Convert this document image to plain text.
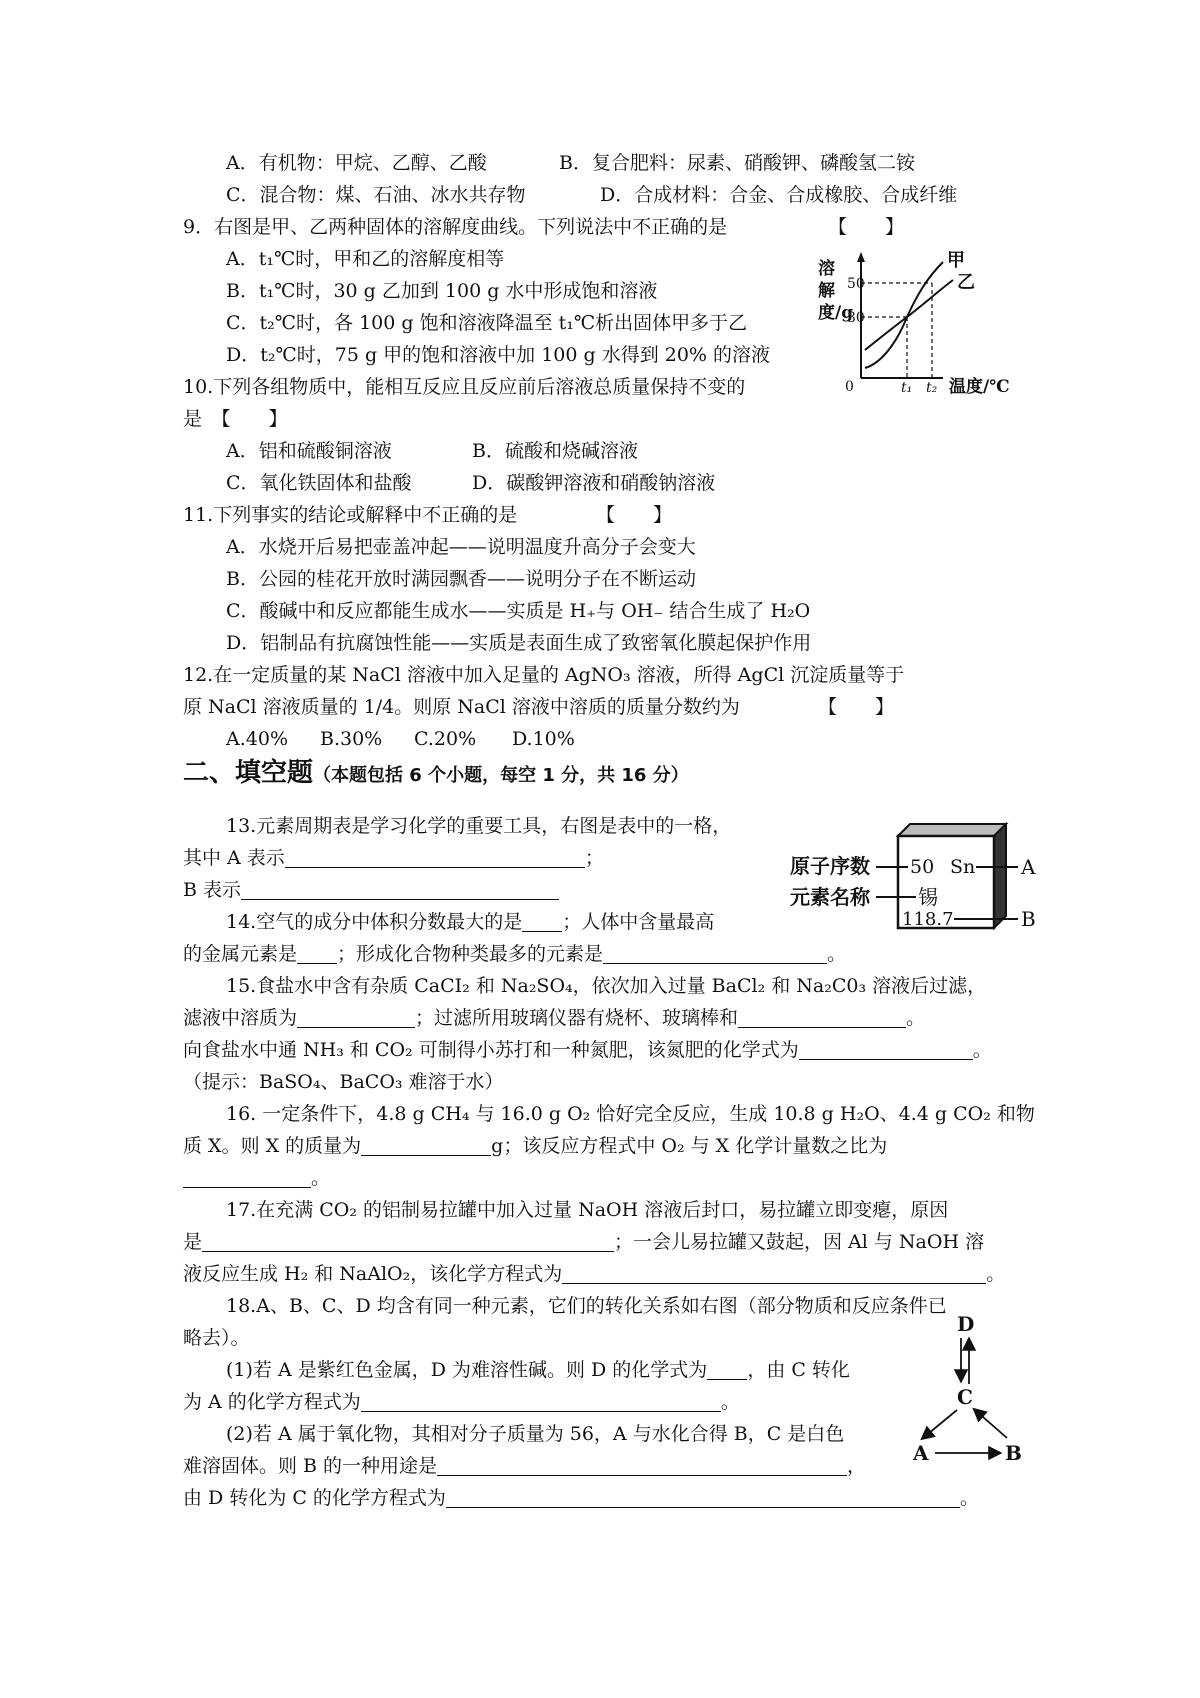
A．有机物：甲烷、乙醇、乙酸	B．复合肥料：尿素、硝酸钾、磷酸氢二铵
C．混合物：煤、石油、冰水共存物	D．合成材料：合金、合成橡胶、合成纤维
9．右图是甲、乙两种固体的溶解度曲线。下列说法中不正确的是	【　　】
A．t₁℃时，甲和乙的溶解度相等
B．t₁℃时，30 g 乙加到 100 g 水中形成饱和溶液
C．t₂℃时，各 100 g 饱和溶液降温至 t₁℃析出固体甲多于乙
D．t₂℃时，75 g 甲的饱和溶液中加 100 g 水得到 20% 的溶液
50
30
0	t₁ t₂ 温度/℃
甲
乙
溶解度/g
10.下列各组物质中，能相互反应且反应前后溶液总质量保持不变的
是　 【　　】
A．铝和硫酸铜溶液	B．硫酸和烧碱溶液
C．氧化铁固体和盐酸	D．碳酸钾溶液和硝酸钠溶液
11.下列事实的结论或解释中不正确的是	【　　】
A．水烧开后易把壶盖冲起——说明温度升高分子会变大
B．公园的桂花开放时满园飘香——说明分子在不断运动
C．酸碱中和反应都能生成水——实质是 H₊与 OH₋ 结合生成了 H₂O
D．铝制品有抗腐蚀性能——实质是表面生成了致密氧化膜起保护作用
12.在一定质量的某 NaCl 溶液中加入足量的 AgNO₃ 溶液，所得 AgCl 沉淀质量等于
原 NaCl 溶液质量的 1/4。则原 NaCl 溶液中溶质的质量分数约为	【　　】
A.40% B.30% C.20% D.10%
二、填空题（本题包括 6 个小题，每空 1 分，共 16 分）
13.元素周期表是学习化学的重要工具，右图是表中的一格，
其中 A 表示	；
B 表示
原子序数 50 Sn A
元素名称 锡
118.7	B
14.空气的成分中体积分数最大的是 ；人体中含量最高
的金属元素是 ；形成化合物种类最多的元素是	。
15.食盐水中含有杂质 CaCI₂ 和 Na₂SO₄，依次加入过量 BaCl₂ 和 Na₂C0₃ 溶液后过滤，
滤液中溶质为	；过滤所用玻璃仪器有烧杯、玻璃棒和	。
向食盐水中通 NH₃ 和 CO₂ 可制得小苏打和一种氮肥，该氮肥的化学式为	。
（提示：BaSO₄、BaCO₃ 难溶于水）
16. 一定条件下，4.8 g CH₄ 与 16.0 g O₂ 恰好完全反应，生成 10.8 g H₂O、4.4 g CO₂ 和物
质 X。则 X 的质量为	g；该反应方程式中 O₂ 与 X 化学计量数之比为
。
17.在充满 CO₂ 的铝制易拉罐中加入过量 NaOH 溶液后封口，易拉罐立即变瘪，原因
是	；一会儿易拉罐又鼓起，因 Al 与 NaOH 溶
液反应生成 H₂ 和 NaAlO₂，该化学方程式为	。
18.A、B、C、D 均含有同一种元素，它们的转化关系如右图（部分物质和反应条件已
略去）。
(1)若 A 是紫红色金属，D 为难溶性碱。则 D 的化学式为 ，由 C 转化
为 A 的化学方程式为	。
(2)若 A 属于氧化物，其相对分子质量为 56，A 与水化合得 B，C 是白色
难溶固体。则 B 的一种用途是	，
由 D 转化为 C 的化学方程式为	。
D
C
A	B
